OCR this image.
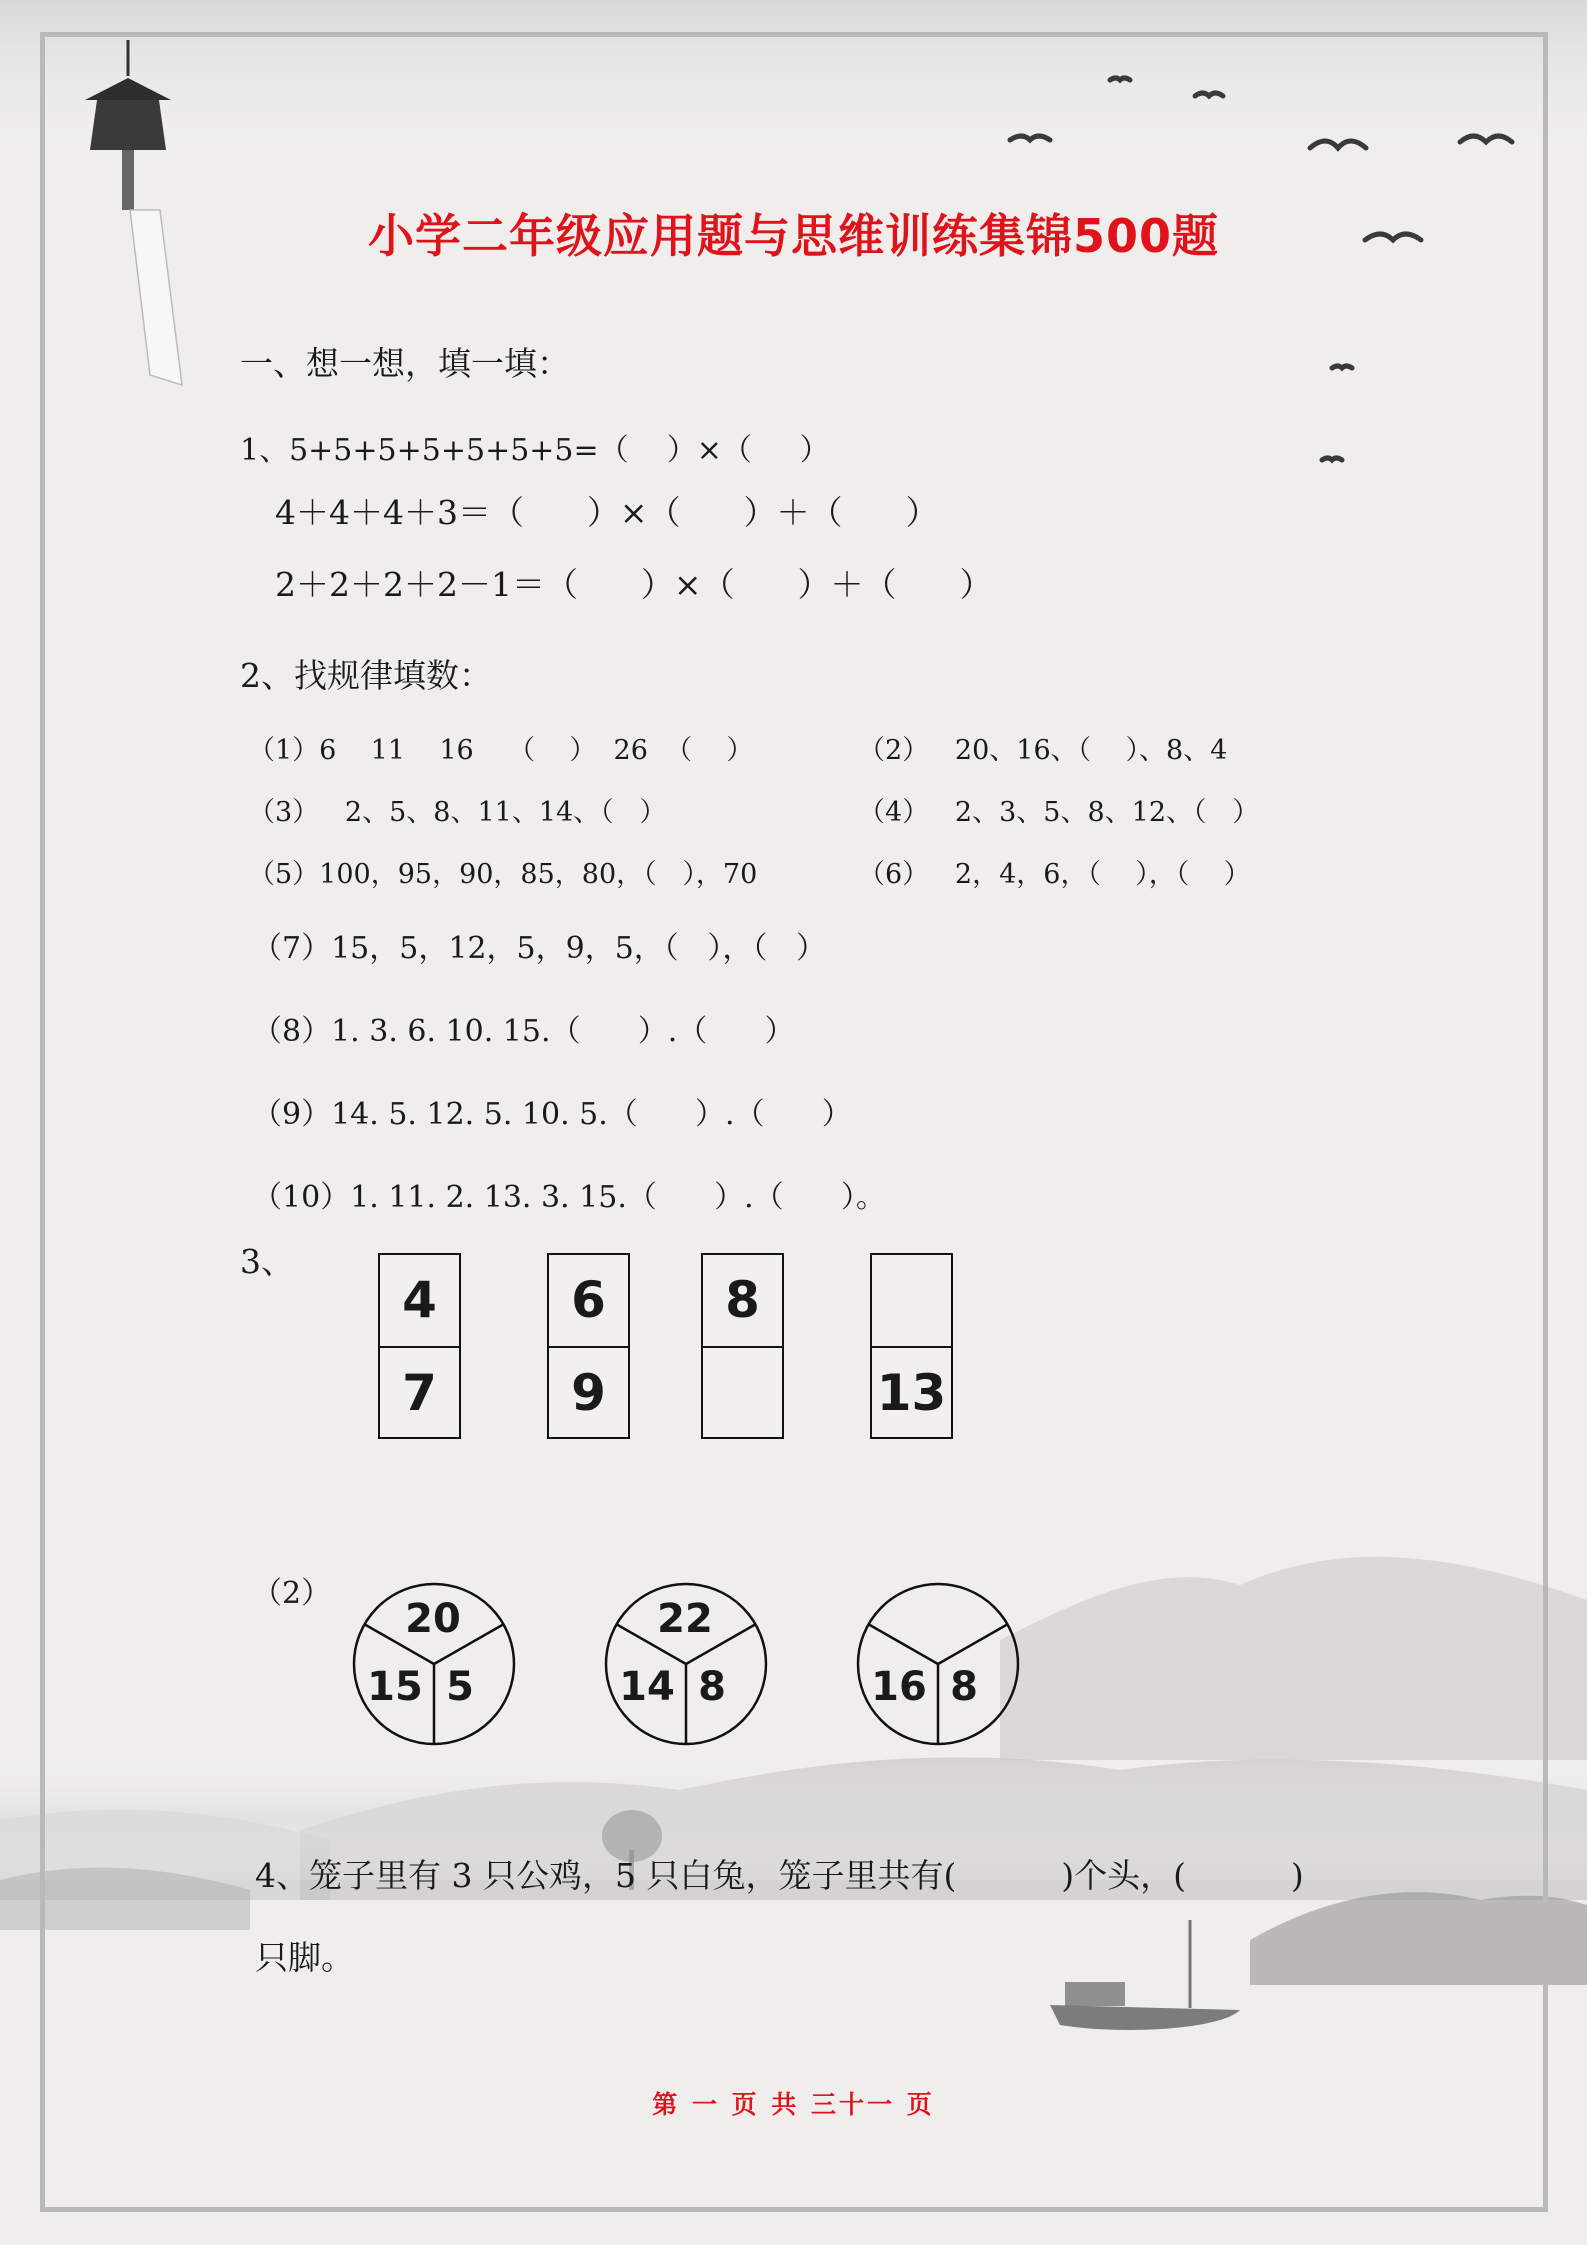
小学二年级应用题与思维训练集锦500题
一、想一想，填一填：
1、5+5+5+5+5+5+5=（    ）×（     ）
4＋4＋4＋3＝（      ）×（      ）＋（      ）
2＋2＋2＋2－1＝（      ）×（      ）＋（      ）
2、找规律填数：
（1）6    11    16    （    ）  26  （    ）	（2）   20、16、（    ）、8、4
（3）   2、5、8、11、14、（   ）	（4）   2、3、5、8、12、（   ）
（5）100，95，90，85，80，（   ），70	（6）   2，4，6，（    ），（    ）
（7）15，5，12，5，9，5，（   ），（   ）
（8）1. 3. 6. 10. 15.（      ）.（      ）
（9）14. 5. 12. 5. 10. 5.（      ）.（      ）
（10）1. 11. 2. 13. 3. 15.（      ）.（      ）。
3、
4
7
6
9
8
13
（2）
20
15 5
22
14 8	16 8
4、笼子里有 3 只公鸡，5 只白兔，笼子里共有(          )个头，(          )
只脚。
第 一 页 共 三十一 页
